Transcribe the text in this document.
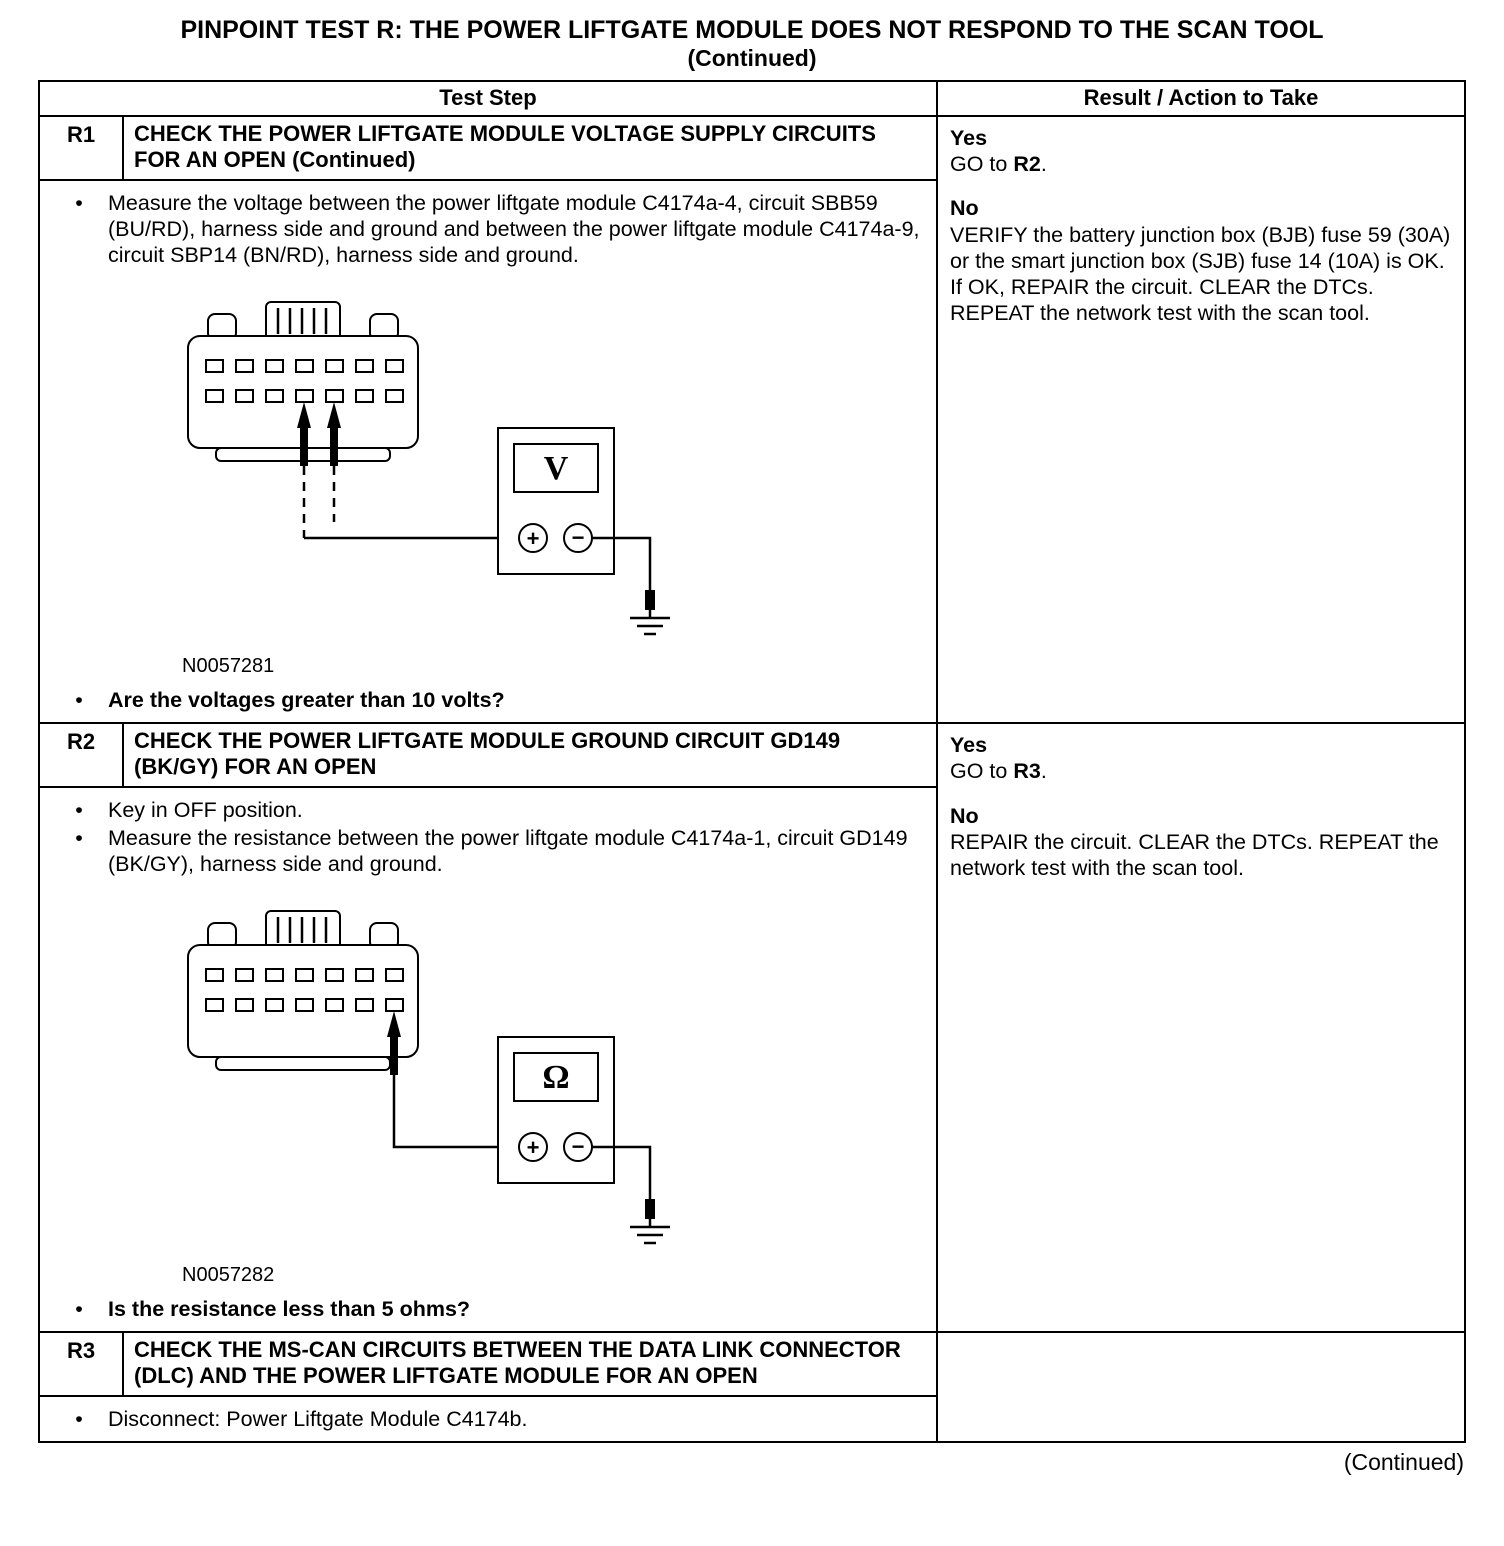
PINPOINT TEST R: THE POWER LIFTGATE MODULE DOES NOT RESPOND TO THE SCAN TOOL
(Continued)
Test Step		Result / Action to Take
R1	CHECK THE POWER LIFTGATE MODULE VOLTAGE SUPPLY CIRCUITS FOR AN OPEN (Continued)	Yes
GO to R2.
No
VERIFY the battery junction box (BJB) fuse 59 (30A) or the smart junction box (SJB) fuse 14 (10A) is OK. If OK, REPAIR the circuit. CLEAR the DTCs. REPEAT the network test with the scan tool.

•	Measure the voltage between the power liftgate module C4174a-4, circuit SBB59 (BU/RD), harness side and ground and between the power liftgate module C4174a-9, circuit SBP14 (BN/RD), harness side and ground.
V
+ −
N0057281
•	Are the voltages greater than 10 volts?

R2	CHECK THE POWER LIFTGATE MODULE GROUND CIRCUIT GD149 (BK/GY) FOR AN OPEN	Yes
GO to R3.
No
REPAIR the circuit. CLEAR the DTCs. REPEAT the network test with the scan tool.

•	Key in OFF position.
•	Measure the resistance between the power liftgate module C4174a-1, circuit GD149 (BK/GY), harness side and ground.
Ω
+ −
N0057282
•	Is the resistance less than 5 ohms?

R3	CHECK THE MS-CAN CIRCUITS BETWEEN THE DATA LINK CONNECTOR (DLC) AND THE POWER LIFTGATE MODULE FOR AN OPEN	

• Disconnect: Power Liftgate Module C4174b.		
(Continued)
